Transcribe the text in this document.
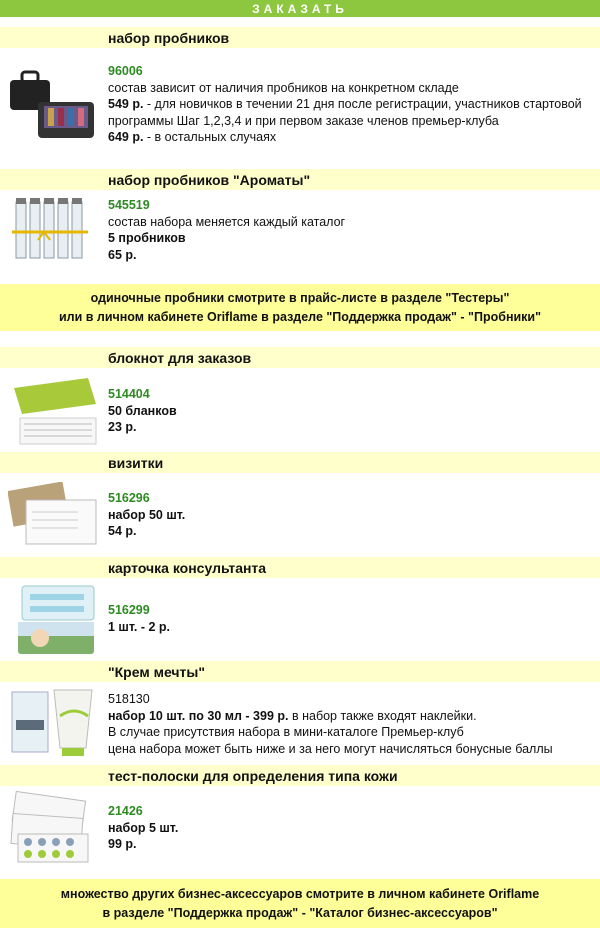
ЗАКАЗАТЬ
набор пробников
96006
состав зависит от наличия пробников на конкретном складе
549 р. - для новичков в течении 21 дня после регистрации, участников стартовой
программы Шаг 1,2,3,4 и при первом заказе членов премьер-клуба
649 р. - в остальных случаях
набор пробников "Ароматы"
545519
состав набора меняется каждый каталог
5 пробников
65 р.
одиночные пробники смотрите в прайс-листе в разделе "Тестеры"
или в личном кабинете Oriflame в разделе "Поддержка продаж" - "Пробники"
блокнот для заказов
514404
50 бланков
23 р.
визитки
516296
набор 50 шт.
54 р.
карточка консультанта
516299
1 шт. - 2 р.
"Крем мечты"
518130
набор 10 шт. по 30 мл - 399 р. в набор также входят наклейки.
В случае присутствия набора в мини-каталоге Премьер-клуб
цена набора может быть ниже и за него могут начисляться бонусные баллы
тест-полоски для определения типа кожи
21426
набор 5 шт.
99 р.
множество других бизнес-аксессуаров смотрите в личном кабинете Oriflame
в разделе "Поддержка продаж" - "Каталог бизнес-аксессуаров"
